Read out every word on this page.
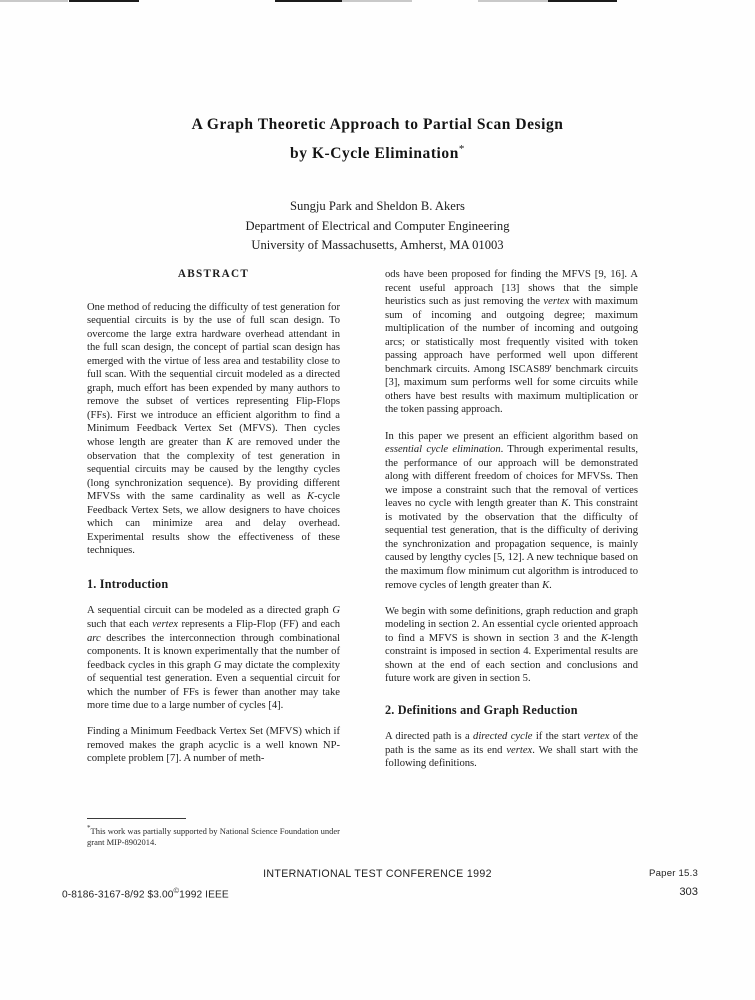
A Graph Theoretic Approach to Partial Scan Design
by K-Cycle Elimination*
Sungju Park and Sheldon B. Akers
Department of Electrical and Computer Engineering
University of Massachusetts, Amherst, MA 01003
ABSTRACT

One method of reducing the difficulty of test generation for sequential circuits is by the use of full scan design. To overcome the large extra hardware overhead attendant in the full scan design, the concept of partial scan design has emerged with the virtue of less area and testability close to full scan. With the sequential circuit modeled as a directed graph, much effort has been expended by many authors to remove the subset of vertices representing Flip-Flops (FFs). First we introduce an efficient algorithm to find a Minimum Feedback Vertex Set (MFVS). Then cycles whose length are greater than K are removed under the observation that the complexity of test generation in sequential circuits may be caused by the lengthy cycles (long synchronization sequence). By providing different MFVSs with the same cardinality as well as K-cycle Feedback Vertex Sets, we allow designers to have choices which can minimize area and delay overhead. Experimental results show the effectiveness of these techniques.

1. Introduction

A sequential circuit can be modeled as a directed graph G such that each vertex represents a Flip-Flop (FF) and each arc describes the interconnection through combinational components. It is known experimentally that the number of feedback cycles in this graph G may dictate the complexity of sequential test generation. Even a sequential circuit for which the number of FFs is fewer than another may take more time due to a large number of cycles [4].

Finding a Minimum Feedback Vertex Set (MFVS) which if removed makes the graph acyclic is a well known NP-complete problem [7]. A number of meth-

ods have been proposed for finding the MFVS [9, 16]. A recent useful approach [13] shows that the simple heuristics such as just removing the vertex with maximum sum of incoming and outgoing degree; maximum multiplication of the number of incoming and outgoing arcs; or statistically most frequently visited with token passing approach have performed well upon different benchmark circuits. Among ISCAS89' benchmark circuits [3], maximum sum performs well for some circuits while others have best results with maximum multiplication or the token passing approach.

In this paper we present an efficient algorithm based on essential cycle elimination. Through experimental results, the performance of our approach will be demonstrated along with different freedom of choices for MFVSs. Then we impose a constraint such that the removal of vertices leaves no cycle with length greater than K. This constraint is motivated by the observation that the difficulty of sequential test generation, that is the difficulty of deriving the synchronization and propagation sequence, is mainly caused by lengthy cycles [5, 12]. A new technique based on the maximum flow minimum cut algorithm is introduced to remove cycles of length greater than K.

We begin with some definitions, graph reduction and graph modeling in section 2. An essential cycle oriented approach to find a MFVS is shown in section 3 and the K-length constraint is imposed in section 4. Experimental results are shown at the end of each section and conclusions and future work are given in section 5.

2. Definitions and Graph Reduction

A directed path is a directed cycle if the start vertex of the path is the same as its end vertex. We shall start with the following definitions.

*This work was partially supported by National Science Foundation under grant MIP-8902014.
INTERNATIONAL TEST CONFERENCE 1992
0-8186-3167-8/92 $3.00©1992 IEEE
Paper 15.3
303
